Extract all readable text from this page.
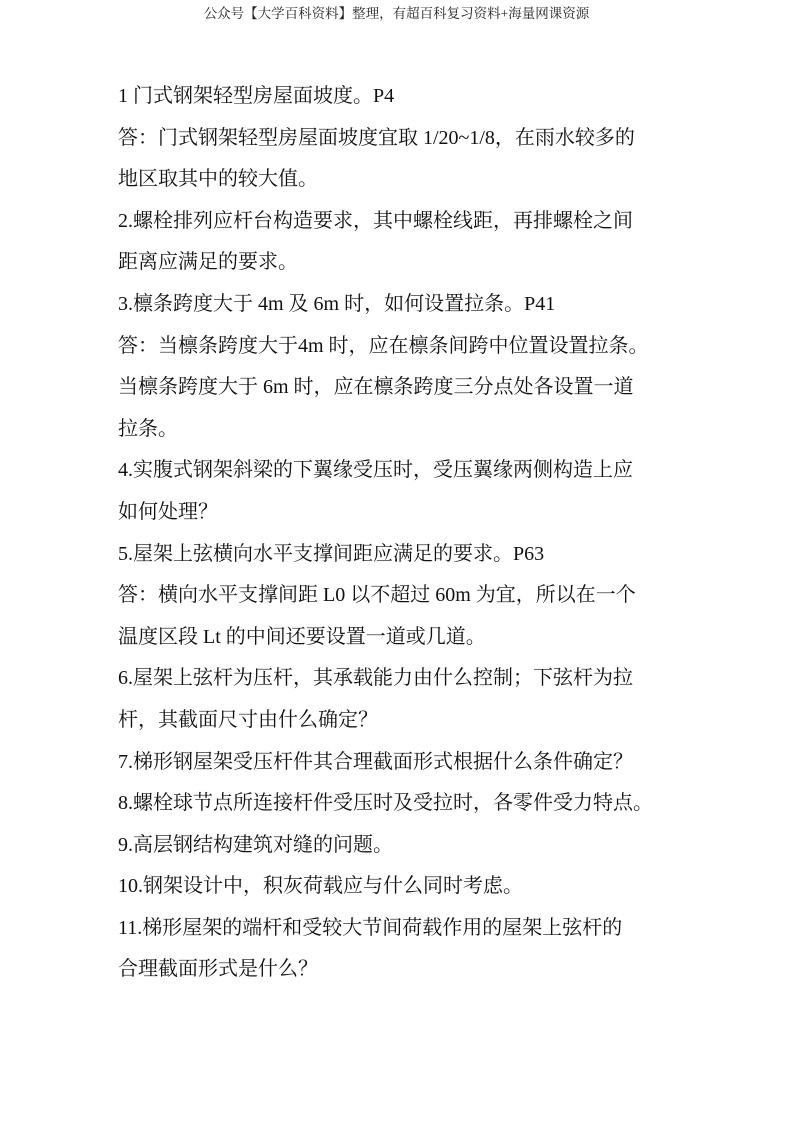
公众号【大学百科资料】整理，有超百科复习资料+海量网课资源
1 门式钢架轻型房屋面坡度。P4
答：门式钢架轻型房屋面坡度宜取 1/20~1/8，在雨水较多的
地区取其中的较大值。
2.螺栓排列应杆台构造要求，其中螺栓线距，再排螺栓之间
距离应满足的要求。
3.檩条跨度大于 4m 及 6m 时，如何设置拉条。P41
答：当檩条跨度大于4m 时，应在檩条间跨中位置设置拉条。
当檩条跨度大于 6m 时，应在檩条跨度三分点处各设置一道
拉条。
4.实腹式钢架斜梁的下翼缘受压时，受压翼缘两侧构造上应
如何处理？
5.屋架上弦横向水平支撑间距应满足的要求。P63
答：横向水平支撑间距 L0 以不超过 60m 为宜，所以在一个
温度区段 Lt 的中间还要设置一道或几道。
6.屋架上弦杆为压杆，其承载能力由什么控制；下弦杆为拉
杆，其截面尺寸由什么确定？
7.梯形钢屋架受压杆件其合理截面形式根据什么条件确定？
8.螺栓球节点所连接杆件受压时及受拉时，各零件受力特点。
9.高层钢结构建筑对缝的问题。
10.钢架设计中，积灰荷载应与什么同时考虑。
11.梯形屋架的端杆和受较大节间荷载作用的屋架上弦杆的
合理截面形式是什么？
